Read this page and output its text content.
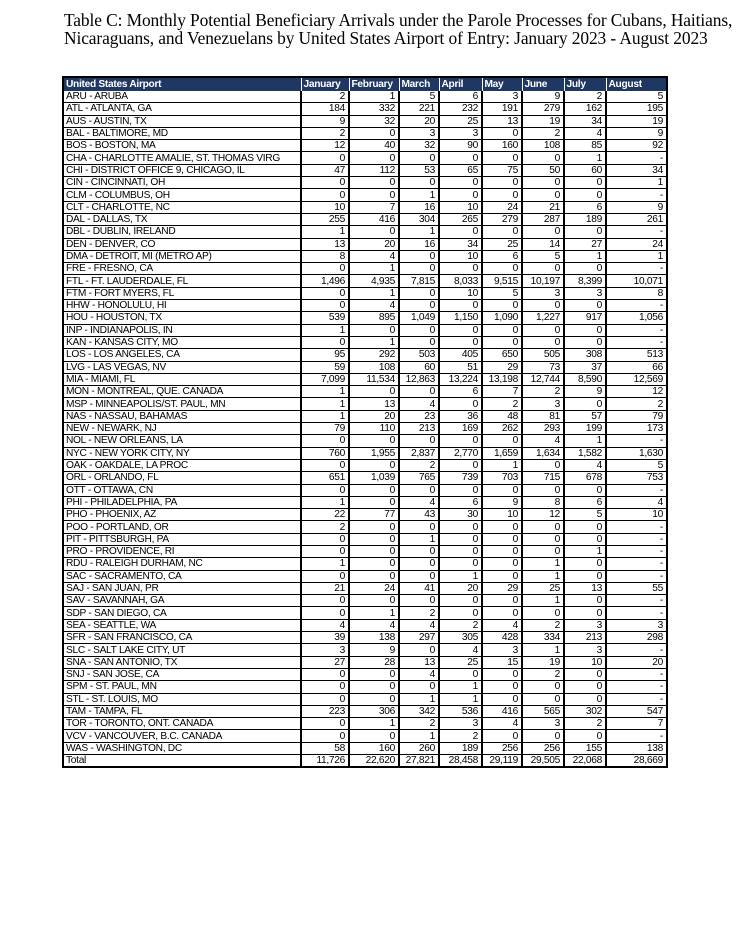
Table C: Monthly Potential Beneficiary Arrivals under the Parole Processes for Cubans, Haitians, Nicaraguans, and Venezuelans by United States Airport of Entry: January 2023 - August 2023
United States Airport	January	February	March	April	May	June	July	August
ARU - ARUBA	2	1	5	6	3	9	2	5
ATL - ATLANTA, GA	184	332	221	232	191	279	162	195
AUS - AUSTIN, TX	9	32	20	25	13	19	34	19
BAL - BALTIMORE, MD	2	0	3	3	0	2	4	9
BOS - BOSTON, MA	12	40	32	90	160	108	85	92
CHA - CHARLOTTE AMALIE, ST. THOMAS VIRG	0	0	0	0	0	0	1	-
CHI - DISTRICT OFFICE 9, CHICAGO, IL	47	112	53	65	75	50	60	34
CIN - CINCINNATI, OH	0	0	0	0	0	0	0	1
CLM - COLUMBUS, OH	0	0	1	0	0	0	0	-
CLT - CHARLOTTE, NC	10	7	16	10	24	21	6	9
DAL - DALLAS, TX	255	416	304	265	279	287	189	261
DBL - DUBLIN, IRELAND	1	0	1	0	0	0	0	-
DEN - DENVER, CO	13	20	16	34	25	14	27	24
DMA - DETROIT, MI (METRO AP)	8	4	0	10	6	5	1	1
FRE - FRESNO, CA	0	1	0	0	0	0	0	-
FTL - FT. LAUDERDALE, FL	1,496	4,935	7,815	8,033	9,515	10,197	8,399	10,071
FTM - FORT MYERS, FL	0	1	0	10	5	3	3	8
HHW - HONOLULU, HI	0	4	0	0	0	0	0	-
HOU - HOUSTON, TX	539	895	1,049	1,150	1,090	1,227	917	1,056
INP - INDIANAPOLIS, IN	1	0	0	0	0	0	0	-
KAN - KANSAS CITY, MO	0	1	0	0	0	0	0	-
LOS - LOS ANGELES, CA	95	292	503	405	650	505	308	513
LVG - LAS VEGAS, NV	59	108	60	51	29	73	37	66
MIA - MIAMI, FL	7,099	11,534	12,863	13,224	13,198	12,744	8,590	12,569
MON - MONTREAL, QUE. CANADA	1	0	0	6	7	2	9	12
MSP - MINNEAPOLIS/ST. PAUL, MN	1	13	4	0	2	3	0	2
NAS - NASSAU, BAHAMAS	1	20	23	36	48	81	57	79
NEW - NEWARK, NJ	79	110	213	169	262	293	199	173
NOL - NEW ORLEANS, LA	0	0	0	0	0	4	1	-
NYC - NEW YORK CITY, NY	760	1,955	2,837	2,770	1,659	1,634	1,582	1,630
OAK - OAKDALE, LA PROC	0	0	2	0	1	0	4	5
ORL - ORLANDO, FL	651	1,039	765	739	703	715	678	753
OTT - OTTAWA, CN	0	0	0	0	0	0	0	-
PHI - PHILADELPHIA, PA	1	0	4	6	9	8	6	4
PHO - PHOENIX, AZ	22	77	43	30	10	12	5	10
POO - PORTLAND, OR	2	0	0	0	0	0	0	-
PIT - PITTSBURGH, PA	0	0	1	0	0	0	0	-
PRO - PROVIDENCE, RI	0	0	0	0	0	0	1	-
RDU - RALEIGH DURHAM, NC	1	0	0	0	0	1	0	-
SAC - SACRAMENTO, CA	0	0	0	1	0	1	0	-
SAJ - SAN JUAN, PR	21	24	41	20	29	25	13	55
SAV - SAVANNAH, GA	0	0	0	0	0	1	0	-
SDP - SAN DIEGO, CA	0	1	2	0	0	0	0	-
SEA - SEATTLE, WA	4	4	4	2	4	2	3	3
SFR - SAN FRANCISCO, CA	39	138	297	305	428	334	213	298
SLC - SALT LAKE CITY, UT	3	9	0	4	3	1	3	-
SNA - SAN ANTONIO, TX	27	28	13	25	15	19	10	20
SNJ - SAN JOSE, CA	0	0	4	0	0	2	0	-
SPM - ST. PAUL, MN	0	0	0	1	0	0	0	-
STL - ST. LOUIS, MO	0	0	1	1	0	0	0	-
TAM - TAMPA, FL	223	306	342	536	416	565	302	547
TOR - TORONTO, ONT. CANADA	0	1	2	3	4	3	2	7
VCV - VANCOUVER, B.C. CANADA	0	0	1	2	0	0	0	-
WAS - WASHINGTON, DC	58	160	260	189	256	256	155	138
Total	11,726	22,620	27,821	28,458	29,119	29,505	22,068	28,669
